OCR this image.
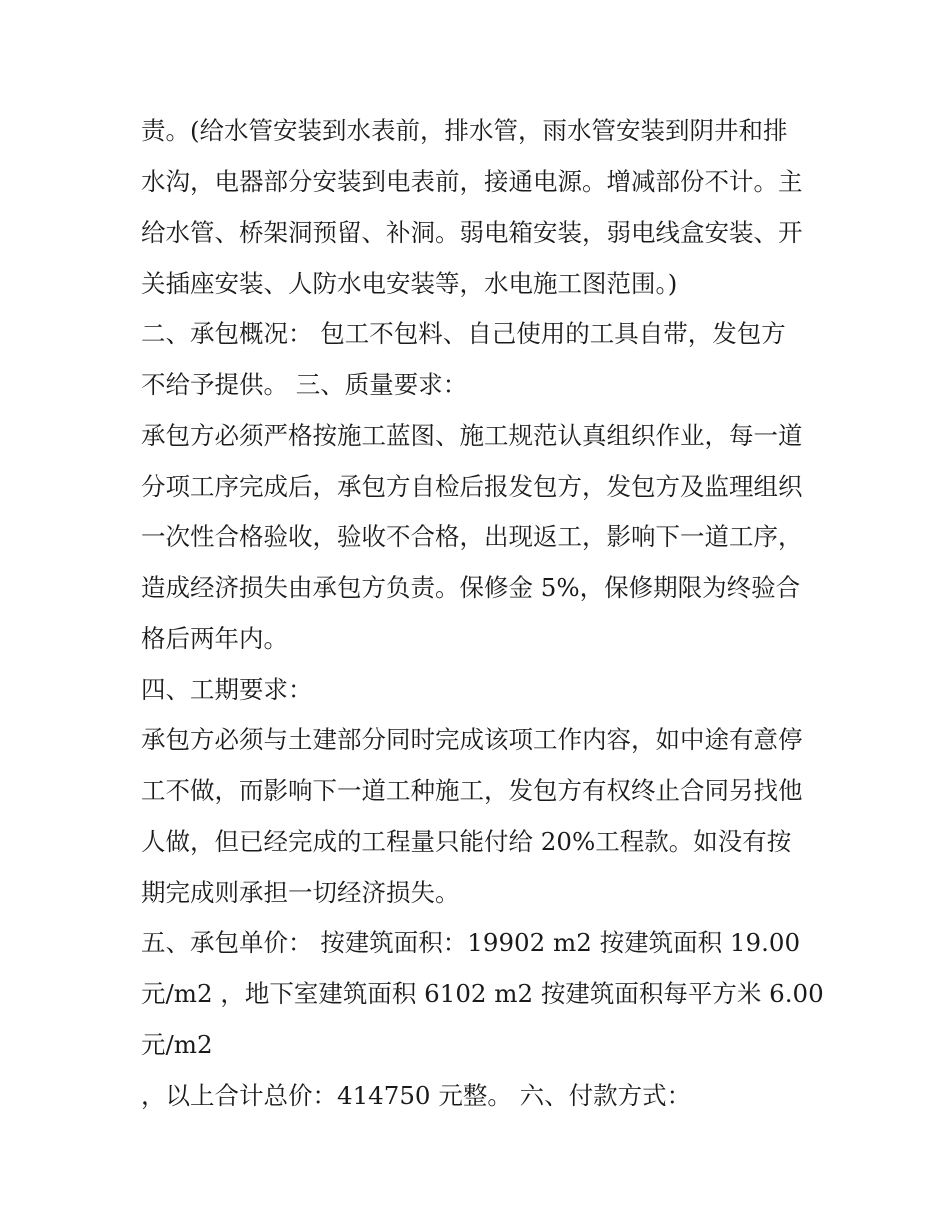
责。(给水管安装到水表前，排水管，雨水管安装到阴井和排
水沟，电器部分安装到电表前，接通电源。增减部份不计。主
给水管、桥架洞预留、补洞。弱电箱安装，弱电线盒安装、开
关插座安装、人防水电安装等，水电施工图范围。)
二、承包概况： 包工不包料、自己使用的工具自带，发包方
不给予提供。 三、质量要求：
承包方必须严格按施工蓝图、施工规范认真组织作业，每一道
分项工序完成后，承包方自检后报发包方，发包方及监理组织
一次性合格验收，验收不合格，出现返工，影响下一道工序，
造成经济损失由承包方负责。保修金 5%，保修期限为终验合
格后两年内。
四、工期要求：
承包方必须与土建部分同时完成该项工作内容，如中途有意停
工不做，而影响下一道工种施工，发包方有权终止合同另找他
人做，但已经完成的工程量只能付给 20%工程款。如没有按
期完成则承担一切经济损失。
五、承包单价： 按建筑面积：19902 m2 按建筑面积 19.00
元/m2 ，地下室建筑面积 6102 m2 按建筑面积每平方米 6.00
元/m2
，以上合计总价：414750 元整。 六、付款方式：
